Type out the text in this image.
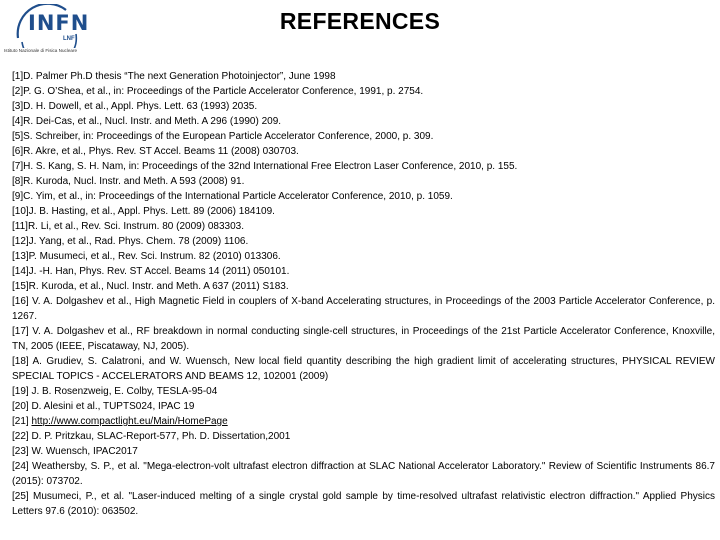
INFN
LNF
Istituto Nazionale di Fisica Nucleare
REFERENCES

[1]D. Palmer Ph.D thesis “The next Generation Photoinjector”, June 1998

[2]P. G. O’Shea, et al., in: Proceedings of the Particle Accelerator Conference, 1991, p. 2754.

[3]D. H. Dowell, et al., Appl. Phys. Lett. 63 (1993) 2035.

[4]R. Dei-Cas, et al., Nucl. Instr. and Meth. A 296 (1990) 209.

[5]S. Schreiber, in: Proceedings of the European Particle Accelerator Conference, 2000, p. 309.

[6]R. Akre, et al., Phys. Rev. ST Accel. Beams 11 (2008) 030703.

[7]H. S. Kang, S. H. Nam, in: Proceedings of the 32nd International Free Electron Laser Conference, 2010, p. 155.

[8]R. Kuroda, Nucl. Instr. and Meth. A 593 (2008) 91.

[9]C. Yim, et al., in: Proceedings of the International Particle Accelerator Conference, 2010, p. 1059.

[10]J. B. Hasting, et al., Appl. Phys. Lett. 89 (2006) 184109.

[11]R. Li, et al., Rev. Sci. Instrum. 80 (2009) 083303.

[12]J. Yang, et al., Rad. Phys. Chem. 78 (2009) 1106.

[13]P. Musumeci, et al., Rev. Sci. Instrum. 82 (2010) 013306.

[14]J. -H. Han, Phys. Rev. ST Accel. Beams 14 (2011) 050101.

[15]R. Kuroda, et al., Nucl. Instr. and Meth. A 637 (2011) S183.

[16] V. A. Dolgashev et al., High Magnetic Field in couplers of X-band Accelerating structures, in Proceedings of the 2003 Particle Accelerator Conference, p. 1267.

[17] V. A. Dolgashev et al., RF breakdown in normal conducting single-cell structures, in Proceedings of the 21st Particle Accelerator Conference, Knoxville, TN, 2005 (IEEE, Piscataway, NJ, 2005).

[18] A. Grudiev, S. Calatroni, and W. Wuensch, New local field quantity describing the high gradient limit of accelerating structures, PHYSICAL REVIEW SPECIAL TOPICS - ACCELERATORS AND BEAMS 12, 102001 (2009)

[19] J. B. Rosenzweig, E. Colby, TESLA-95-04

[20] D. Alesini et al., TUPTS024, IPAC 19

[21] http://www.compactlight.eu/Main/HomePage

[22] D. P. Pritzkau, SLAC-Report-577, Ph. D. Dissertation,2001

[23] W. Wuensch, IPAC2017

[24] Weathersby, S. P., et al. "Mega-electron-volt ultrafast electron diffraction at SLAC National Accelerator Laboratory." Review of Scientific Instruments 86.7 (2015): 073702.

[25] Musumeci, P., et al. "Laser-induced melting of a single crystal gold sample by time-resolved ultrafast relativistic electron diffraction." Applied Physics Letters 97.6 (2010): 063502.
